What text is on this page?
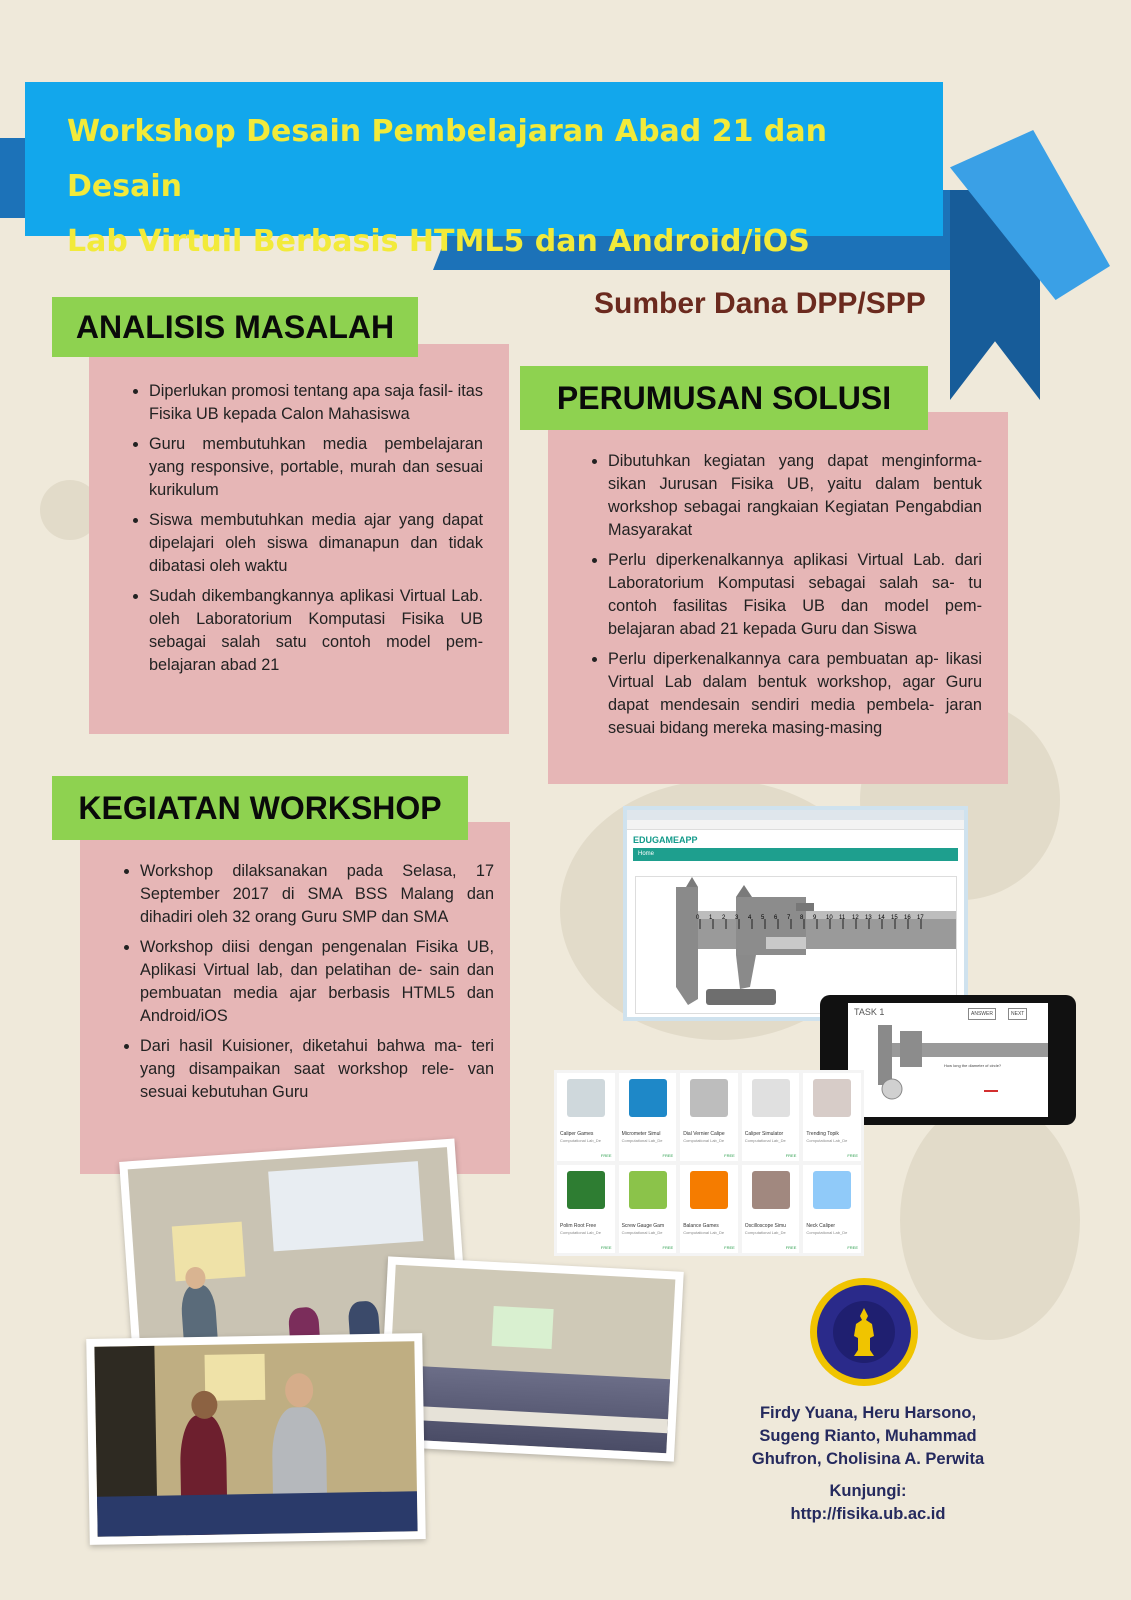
Workshop Desain Pembelajaran Abad 21 dan Desain
Lab Virtuil Berbasis HTML5 dan Android/iOS

Sumber Dana DPP/SPP

• Diperlukan promosi tentang apa saja fasil- itas Fisika UB kepada Calon Mahasiswa
• Guru membutuhkan media pembelajaran yang responsive, portable, murah dan sesuai kurikulum
• Siswa membutuhkan media ajar yang dapat dipelajari oleh siswa dimanapun dan tidak dibatasi oleh waktu
• Sudah dikembangkannya aplikasi Virtual Lab. oleh Laboratorium Komputasi Fisika UB sebagai salah satu contoh model pem- belajaran abad 21
ANALISIS MASALAH
• Dibutuhkan kegiatan yang dapat menginforma- sikan Jurusan Fisika UB, yaitu dalam bentuk workshop sebagai rangkaian Kegiatan Pengabdian Masyarakat
• Perlu diperkenalkannya aplikasi Virtual Lab. dari Laboratorium Komputasi sebagai salah sa- tu contoh fasilitas Fisika UB dan model pem- belajaran abad 21 kepada Guru dan Siswa
• Perlu diperkenalkannya cara pembuatan ap- likasi Virtual Lab dalam bentuk workshop, agar Guru dapat mendesain sendiri media pembela- jaran sesuai bidang mereka masing-masing
PERUMUSAN SOLUSI
• Workshop dilaksanakan pada Selasa, 17 September 2017 di SMA BSS Malang dan dihadiri oleh 32 orang Guru SMP dan SMA
• Workshop diisi dengan pengenalan Fisika UB, Aplikasi Virtual lab, dan pelatihan de- sain dan pembuatan media ajar berbasis HTML5 dan Android/iOS
• Dari hasil Kuisioner, diketahui bahwa ma- teri yang disampaikan saat workshop rele- van sesuai kebutuhan Guru
KEGIATAN WORKSHOP
EDUGAMEAPP
Home
0 1 2 3 4 5 6 7 8 9 10 11 12 13 14 15 16 17
TASK 1	ANSWER	NEXT
How long the diameter of circle?
Caliper Games
Computational Lab_De
FREE
Micrometer Simul
Computational Lab_De
FREE
Dial Vernier Calipe
Computational Lab_De
FREE
Caliper Simulator
Computational Lab_De
FREE
Trending Topik
Computational Lab_De
FREE
Polim Root Free
Computational Lab_De
FREE
Screw Gauge Gam
Computational Lab_De
FREE
Balance Games
Computational Lab_De
FREE
Oscilloscope Simu
Computational Lab_De
FREE
Neck Caliper
Computational Lab_De
FREE

Firdy Yuana, Heru Harsono,
Sugeng Rianto, Muhammad
Ghufron, Cholisina A. Perwita

Kunjungi:
http://fisika.ub.ac.id
